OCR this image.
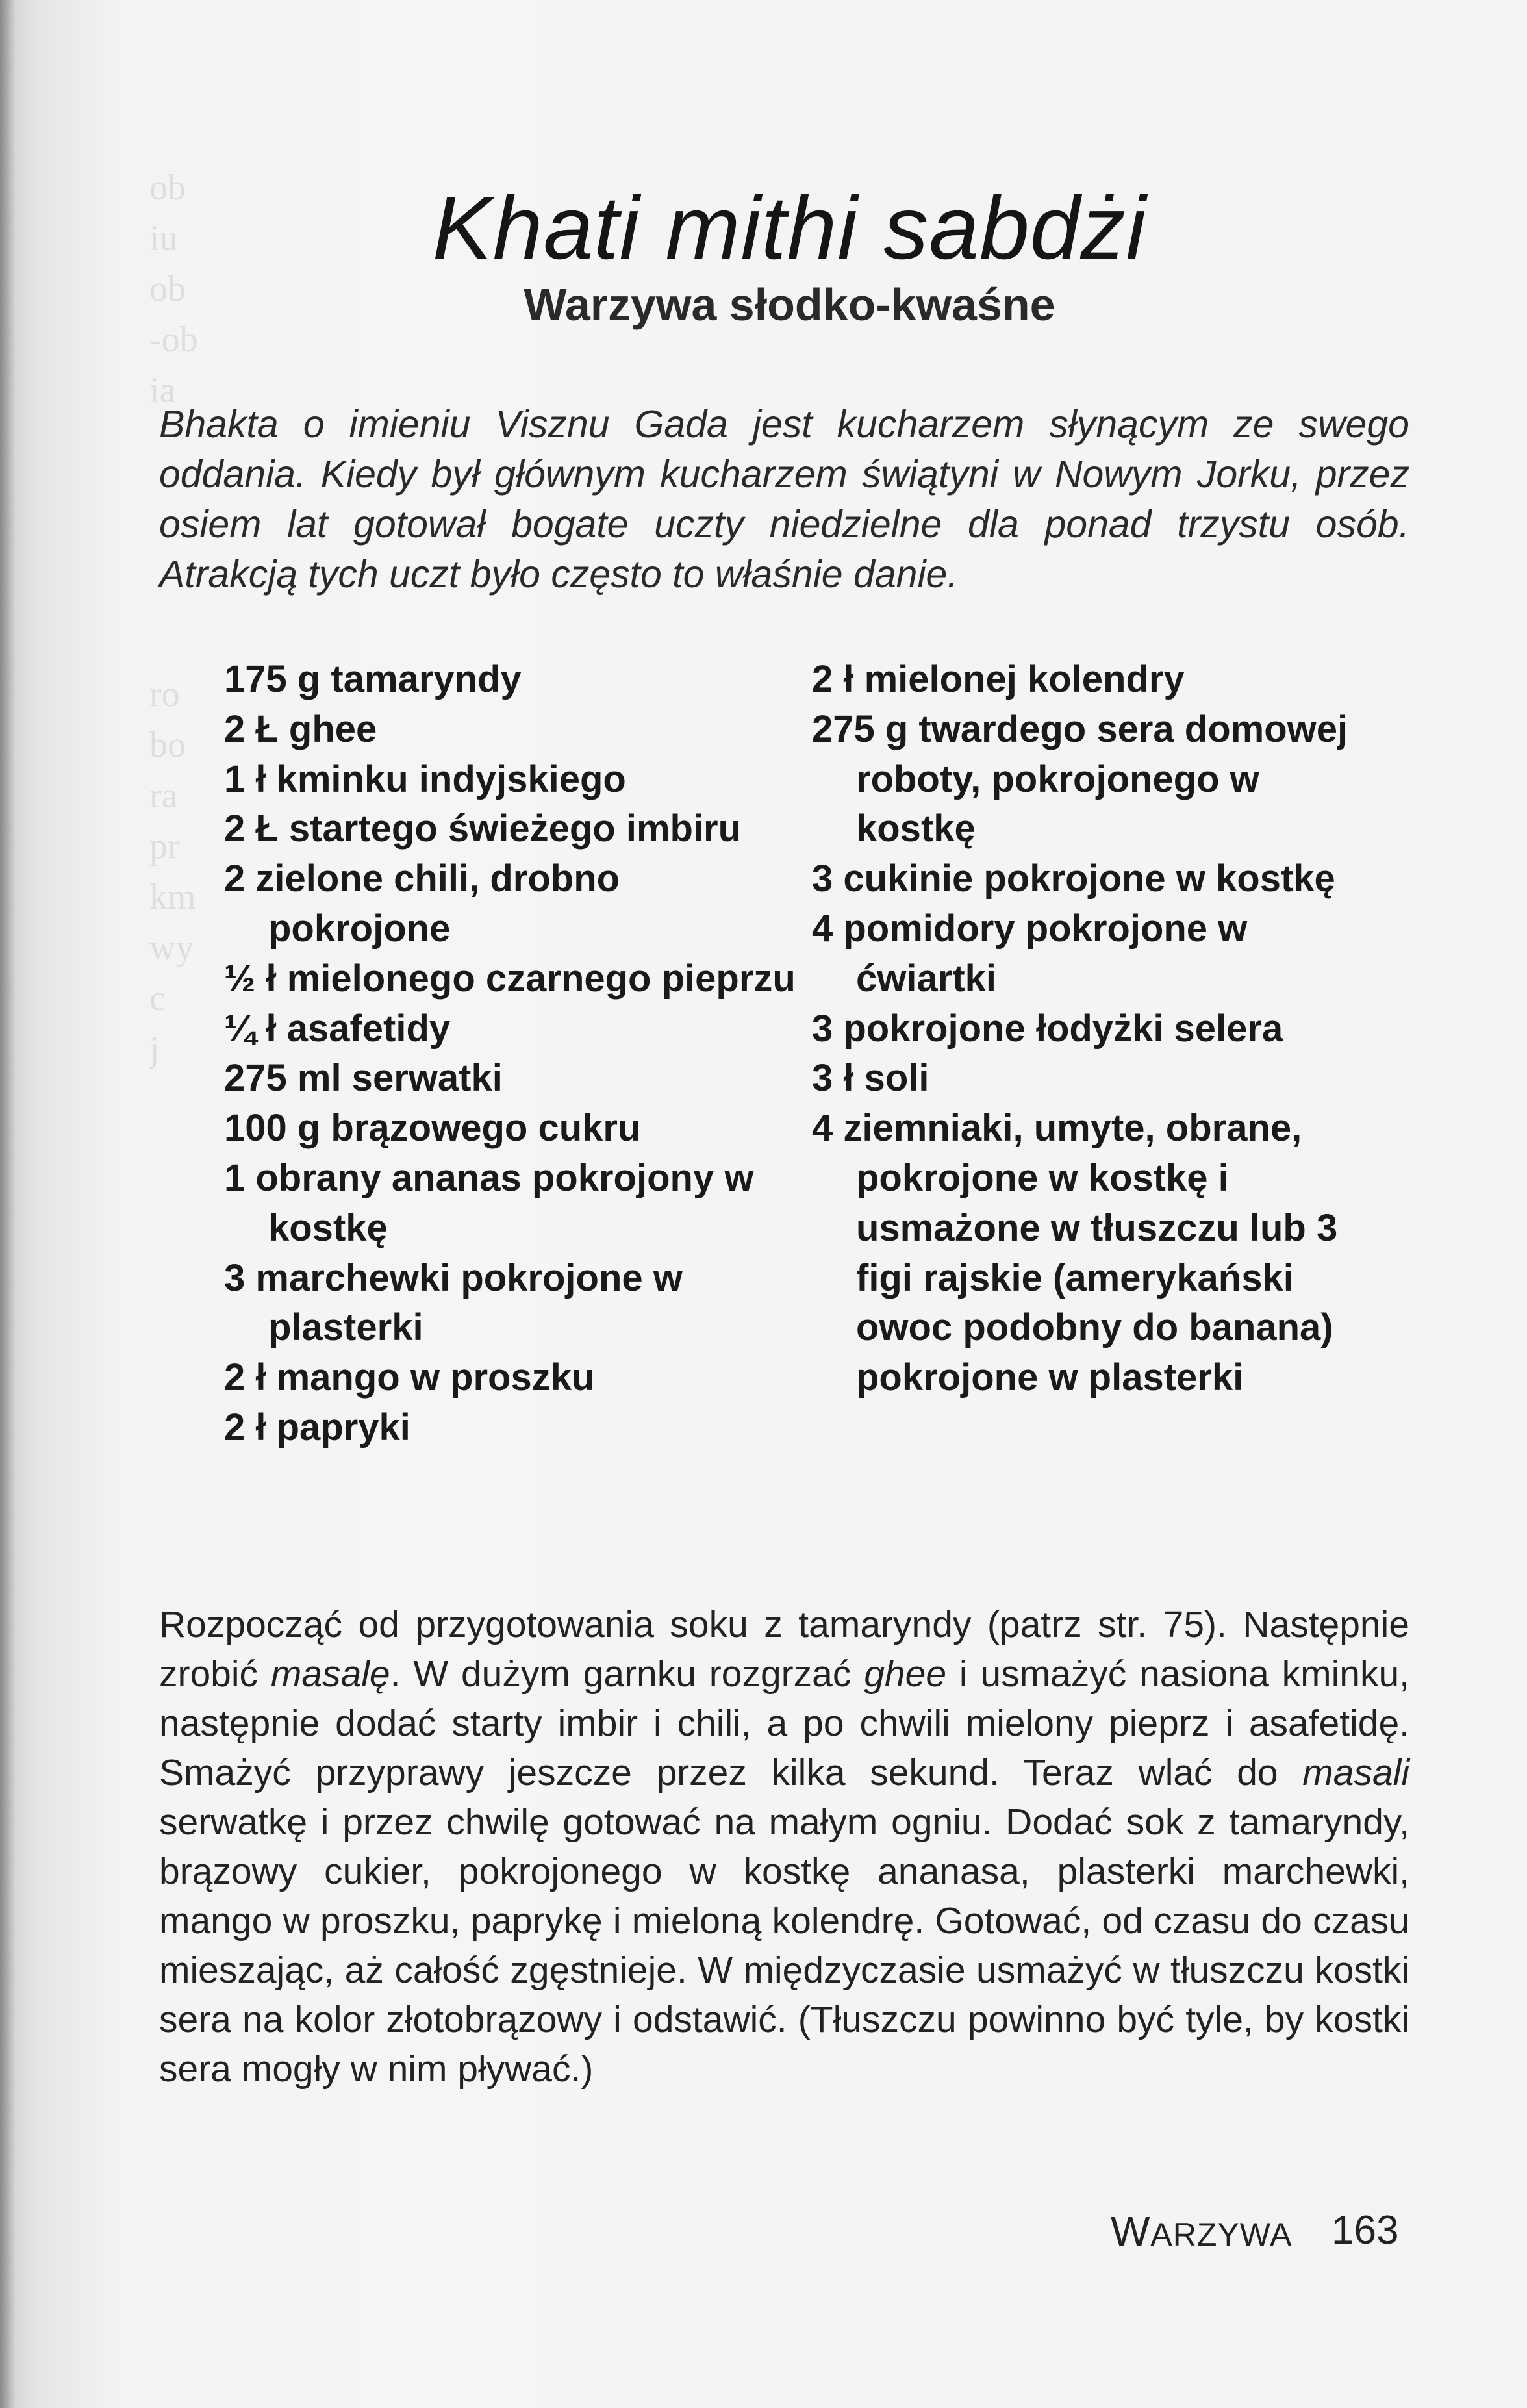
ob
iu
ob
-ob
ia

ro
bo
ra
pr
km
wy
c
j
Khati mithi sabdżi
Warzywa słodko-kwaśne

Bhakta o imieniu Visznu Gada jest kucharzem słynącym ze swego oddania. Kiedy był głównym kucharzem świątyni w Nowym Jorku, przez osiem lat gotował bogate uczty niedzielne dla ponad trzystu osób. Atrakcją tych uczt było często to właśnie danie.

175 g tamaryndy
2 Ł ghee
1 ł kminku indyjskiego
2 Ł startego świeżego imbiru
2 zielone chili, drobno pokrojone
½ ł mielonego czarnego pieprzu
¼ ł asafetidy
275 ml serwatki
100 g brązowego cukru
1 obrany ananas pokrojony w kostkę
3 marchewki pokrojone w plasterki
2 ł mango w proszku
2 ł papryki
2 ł mielonej kolendry
275 g twardego sera domowej roboty, pokrojonego w kostkę
3 cukinie pokrojone w kostkę
4 pomidory pokrojone w ćwiartki
3 pokrojone łodyżki selera
3 ł soli
4 ziemniaki, umyte, obrane, pokrojone w kostkę i usmażone w tłuszczu lub 3 figi rajskie (amerykański owoc podobny do banana) pokrojone w plasterki

Rozpocząć od przygotowania soku z tamaryndy (patrz str. 75). Następnie zrobić masalę. W dużym garnku rozgrzać ghee i usmażyć nasiona kminku, następnie dodać starty imbir i chili, a po chwili mielony pieprz i asafetidę. Smażyć przyprawy jeszcze przez kilka sekund. Teraz wlać do masali serwatkę i przez chwilę gotować na małym ogniu. Dodać sok z tamaryndy, brązowy cukier, pokrojonego w kostkę ananasa, plasterki marchewki, mango w proszku, paprykę i mieloną kolendrę. Gotować, od czasu do czasu mieszając, aż całość zgęstnieje. W międzyczasie usmażyć w tłuszczu kostki sera na kolor złotobrązowy i odstawić. (Tłuszczu powinno być tyle, by kostki sera mogły w nim pływać.)

WARZYWA 163
